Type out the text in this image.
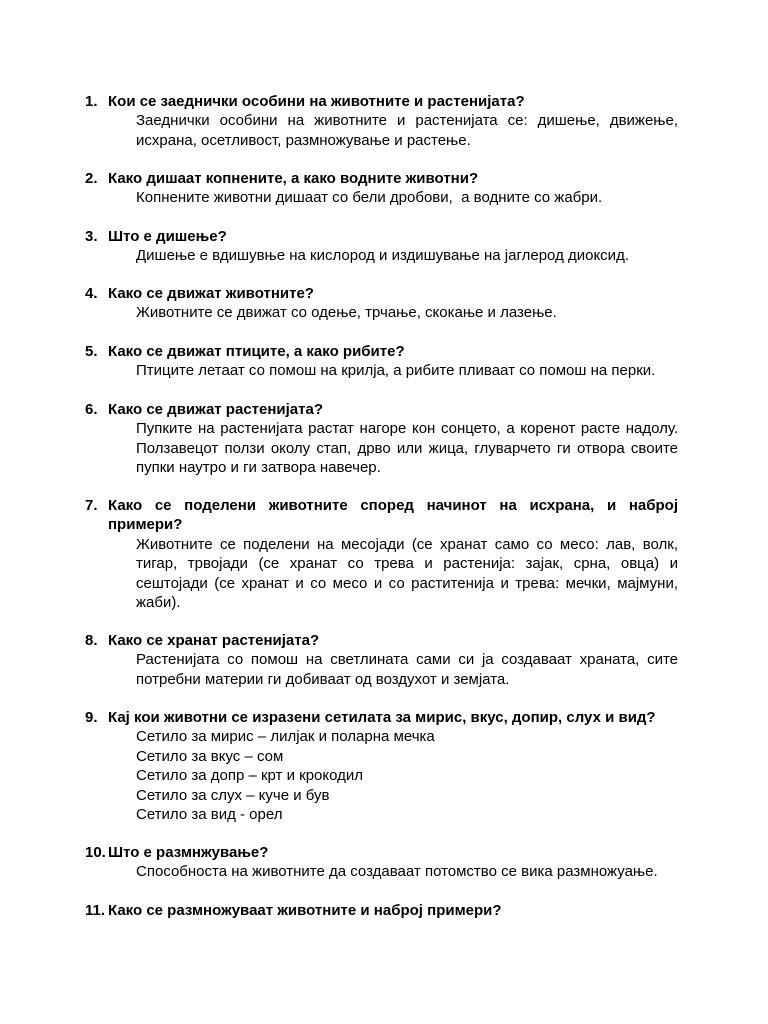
1. Кои се заеднички особини на животните и растенијата?
Заеднички особини на животните и растенијата се: дишење, движење, исхрана, осетливост, размножување и растење.
2. Како дишаат копнените, а како водните животни?
Копнените животни дишаат со бели дробови,  а водните со жабри.
3. Што е дишење?
Дишење е вдишувње на кислород и издишување на јаглерод диоксид.
4. Како се движат животните?
Животните се движат со одење, трчање, скокање и лазење.
5. Како се движат птиците, а како рибите?
Птиците летаат со помош на крилја, а рибите пливаат со помош на перки.
6. Како се движат растенијата?
Пупките на растенијата растат нагоре кон сонцето, а коренот расте надолу. Ползавецот ползи околу стап, дрво или жица, глуварчето ги отвора своите пупки наутро и ги затвора навечер.
7. Како се поделени животните според начинот на исхрана, и наброј примери?
Животните се поделени на месојади (се хранат само со месо: лав, волк, тигар, трвојади (се хранат со трева и растенија: зајак, срна, овца) и сештојади (се хранат и со месо и со раститенија и трева: мечки, мајмуни, жаби).
8. Како се хранат растенијата?
Растенијата со помош на светлината сами си ја создаваат храната, сите потребни материи ги добиваат од воздухот и земјата.
9. Кај кои животни се изразени сетилата за мирис, вкус, допир, слух и вид?
Сетило за мирис – лилјак и поларна мечка
Сетило за вкус – сом
Сетило за допр – крт и крокодил
Сетило за слух – куче и був
Сетило за вид - орел
10. Што е размнжување?
Способноста на животните да создаваат потомство се вика размножуање.
11. Како се размножуваат животните и наброј примери?
